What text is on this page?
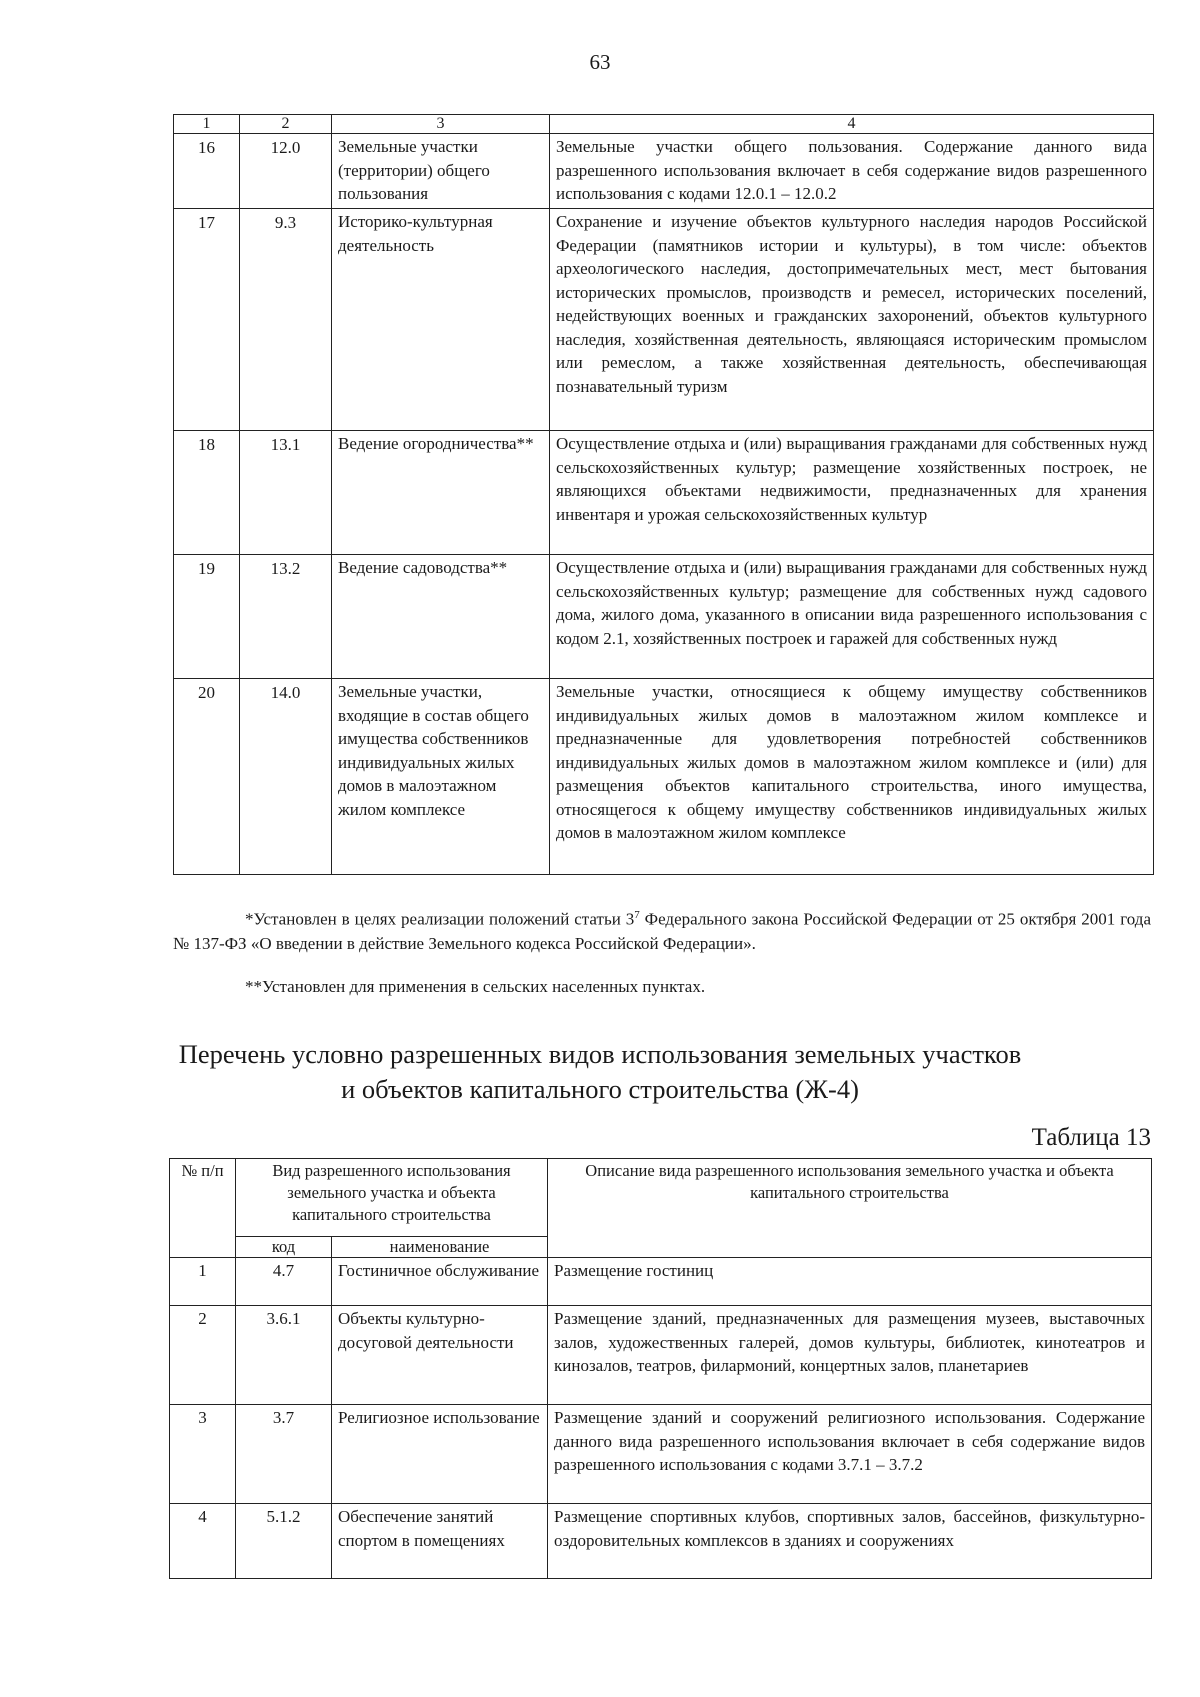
63
1	2	3	4
16	12.0	Земельные участки (территории) общего пользования	Земельные участки общего пользования. Содержание данного вида разрешенного использования включает в себя содержание видов разрешенного использования с кодами 12.0.1 – 12.0.2
17	9.3	Историко-культурная деятельность	Сохранение и изучение объектов культурного наследия народов Российской Федерации (памятников истории и культуры), в том числе: объектов археологического наследия, достопримечательных мест, мест бытования исторических промыслов, производств и ремесел, исторических поселений, недействующих военных и гражданских захоронений, объектов культурного наследия, хозяйственная деятельность, являющаяся историческим промыслом или ремеслом, а также хозяйственная деятельность, обеспечивающая познавательный туризм
18	13.1	Ведение огородничества**	Осуществление отдыха и (или) выращивания гражданами для собственных нужд сельскохозяйственных культур; размещение хозяйственных построек, не являющихся объектами недвижимости, предназначенных для хранения инвентаря и урожая сельскохозяйственных культур
19	13.2	Ведение садоводства**	Осуществление отдыха и (или) выращивания гражданами для собственных нужд сельскохозяйственных культур; размещение для собственных нужд садового дома, жилого дома, указанного в описании вида разрешенного использования с кодом 2.1, хозяйственных построек и гаражей для собственных нужд
20	14.0	Земельные участки, входящие в состав общего имущества собственников индивидуальных жилых домов в малоэтажном жилом комплексе	Земельные участки, относящиеся к общему имуществу собственников индивидуальных жилых домов в малоэтажном жилом комплексе и предназначенные для удовлетворения потребностей собственников индивидуальных жилых домов в малоэтажном жилом комплексе и (или) для размещения объектов капитального строительства, иного имущества, относящегося к общему имуществу собственников индивидуальных жилых домов в малоэтажном жилом комплексе
*Установлен в целях реализации положений статьи $3^7$ Федерального закона Российской Федерации от 25 октября 2001 года № 137-ФЗ «О введении в действие Земельного кодекса Российской Федерации».
**Установлен для применения в сельских населенных пунктах.
Перечень условно разрешенных видов использования земельных участков
и объектов капитального строительства (Ж-4)
Таблица 13
№ п/п	Вид разрешенного использования земельного участка и объекта капитального строительства		Описание вида разрешенного использования земельного участка и объекта капитального строительства
	код	наименование	
1	4.7	Гостиничное обслуживание	Размещение гостиниц
2	3.6.1	Объекты культурно-досуговой деятельности	Размещение зданий, предназначенных для размещения музеев, выставочных залов, художественных галерей, домов культуры, библиотек, кинотеатров и кинозалов, театров, филармоний, концертных залов, планетариев
3	3.7	Религиозное использование	Размещение зданий и сооружений религиозного использования. Содержание данного вида разрешенного использования включает в себя содержание видов разрешенного использования с кодами 3.7.1 – 3.7.2
4	5.1.2	Обеспечение занятий спортом в помещениях	Размещение спортивных клубов, спортивных залов, бассейнов, физкультурно-оздоровительных комплексов в зданиях и сооружениях
